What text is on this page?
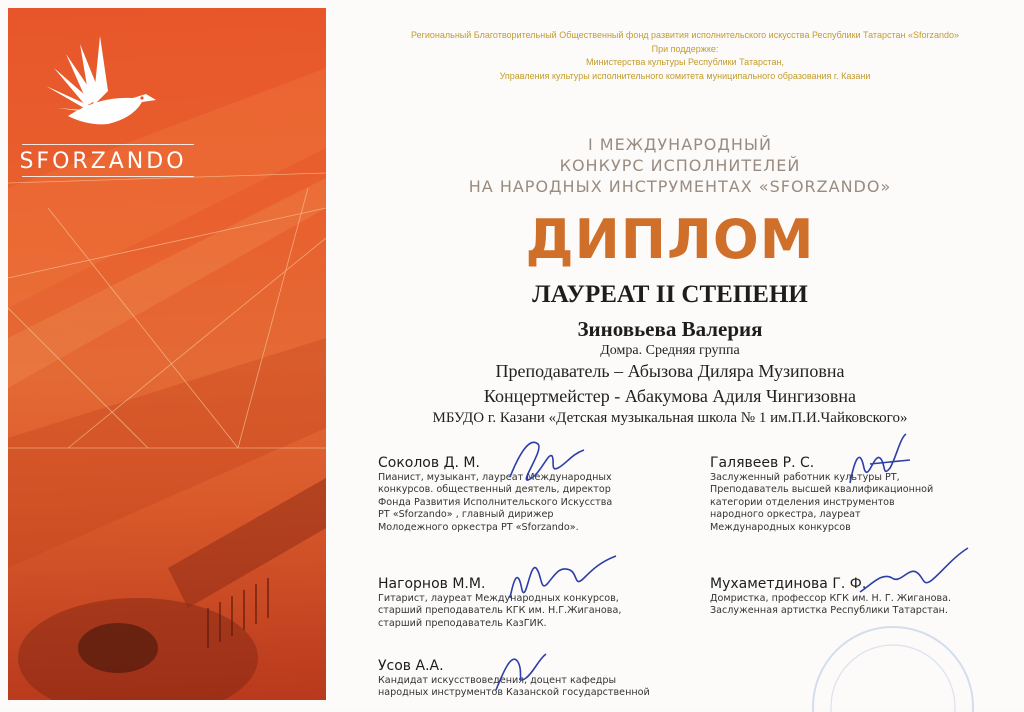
SFORZANDO
Региональный Благотворительный Общественный фонд развития исполнительского искусства Республики Татарстан «Sforzando»
При поддержке:
Министерства культуры Республики Татарстан,
Управления культуры исполнительного комитета муниципального образования г. Казани
I МЕЖДУНАРОДНЫЙ
КОНКУРС ИСПОЛНИТЕЛЕЙ
НА НАРОДНЫХ ИНСТРУМЕНТАХ «SFORZANDO»
ДИПЛОМ
ЛАУРЕАТ II СТЕПЕНИ
Зиновьева Валерия
Домра. Средняя группа
Преподаватель – Абызова Диляра Музиповна
Концертмейстер - Абакумова Адиля Чингизовна
МБУДО г. Казани «Детская музыкальная школа № 1 им.П.И.Чайковского»
Соколов Д. М.
Пианист, музыкант, лауреат Международных
конкурсов. общественный деятель, директор
Фонда Развития Исполнительского Искусства
РТ «Sforzando» , главный дирижер
Молодежного оркестра РТ «Sforzando».
Галявеев Р. С.
Заслуженный работник культуры РТ,
Преподаватель высшей квалификационной
категории отделения инструментов
народного оркестра, лауреат
Международных конкурсов
Нагорнов М.М.
Гитарист, лауреат Международных конкурсов,
старший преподаватель КГК им. Н.Г.Жиганова,
старший преподаватель КазГИК.
Мухаметдинова Г. Ф.
Домристка, профессор КГК им. Н. Г. Жиганова.
Заслуженная артистка Республики Татарстан.
Усов А.А.
Кандидат искусствоведения, доцент кафедры
народных инструментов Казанской государственной
